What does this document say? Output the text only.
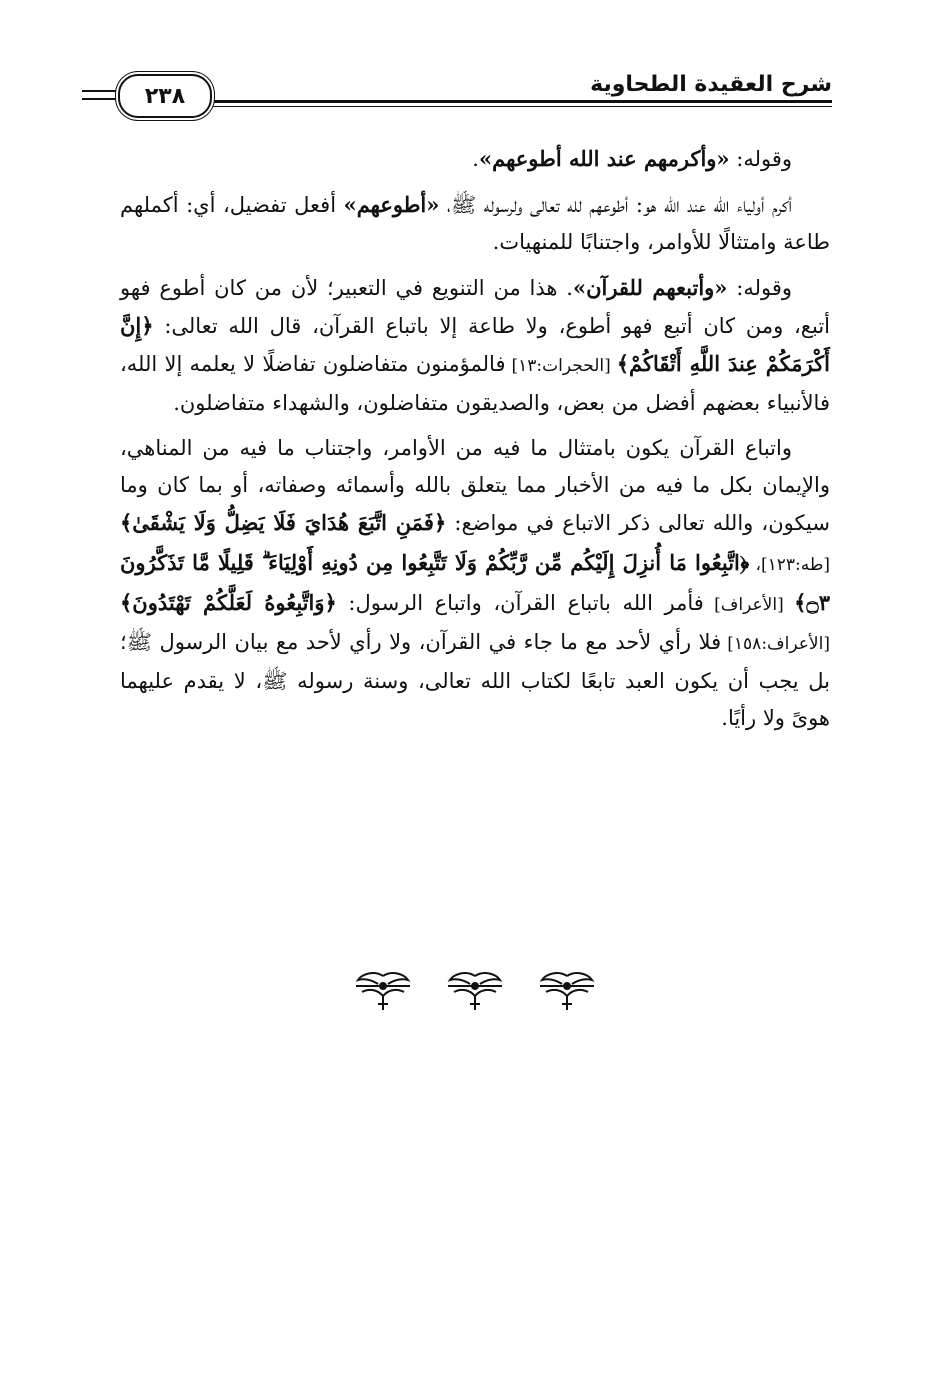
شرح العقيدة الطحاوية
٢٣٨

وقوله: «وأكرمهم عند الله أطوعهم».

أكرم أولياء الله عند الله هو: أطوعهم لله تعالى ولرسوله ﷺ، «أطوعهم» أفعل تفضيل، أي: أكملهم طاعة وامتثالًا للأوامر، واجتنابًا للمنهيات.

وقوله: «وأتبعهم للقرآن». هذا من التنويع في التعبير؛ لأن من كان أطوع فهو أتبع، ومن كان أتبع فهو أطوع، ولا طاعة إلا باتباع القرآن، قال الله تعالى: ﴿إِنَّ أَكْرَمَكُمْ عِندَ اللَّهِ أَتْقَاكُمْ﴾ [الحجرات:١٣] فالمؤمنون متفاضلون تفاضلًا لا يعلمه إلا الله، فالأنبياء بعضهم أفضل من بعض، والصديقون متفاضلون، والشهداء متفاضلون.

واتباع القرآن يكون بامتثال ما فيه من الأوامر، واجتناب ما فيه من المناهي، والإيمان بكل ما فيه من الأخبار مما يتعلق بالله وأسمائه وصفاته، أو بما كان وما سيكون، والله تعالى ذكر الاتباع في مواضع: ﴿فَمَنِ اتَّبَعَ هُدَايَ فَلَا يَضِلُّ وَلَا يَشْقَىٰ﴾ [طه:١٢٣]، ﴿اتَّبِعُوا مَا أُنزِلَ إِلَيْكُم مِّن رَّبِّكُمْ وَلَا تَتَّبِعُوا مِن دُونِهِ أَوْلِيَاءَ ۗ قَلِيلًا مَّا تَذَكَّرُونَ ۝٣﴾ [الأعراف] فأمر الله باتباع القرآن، واتباع الرسول: ﴿وَاتَّبِعُوهُ لَعَلَّكُمْ تَهْتَدُونَ﴾ [الأعراف:١٥٨] فلا رأي لأحد مع ما جاء في القرآن، ولا رأي لأحد مع بيان الرسول ﷺ؛ بل يجب أن يكون العبد تابعًا لكتاب الله تعالى، وسنة رسوله ﷺ، لا يقدم عليهما هوىً ولا رأيًا.
